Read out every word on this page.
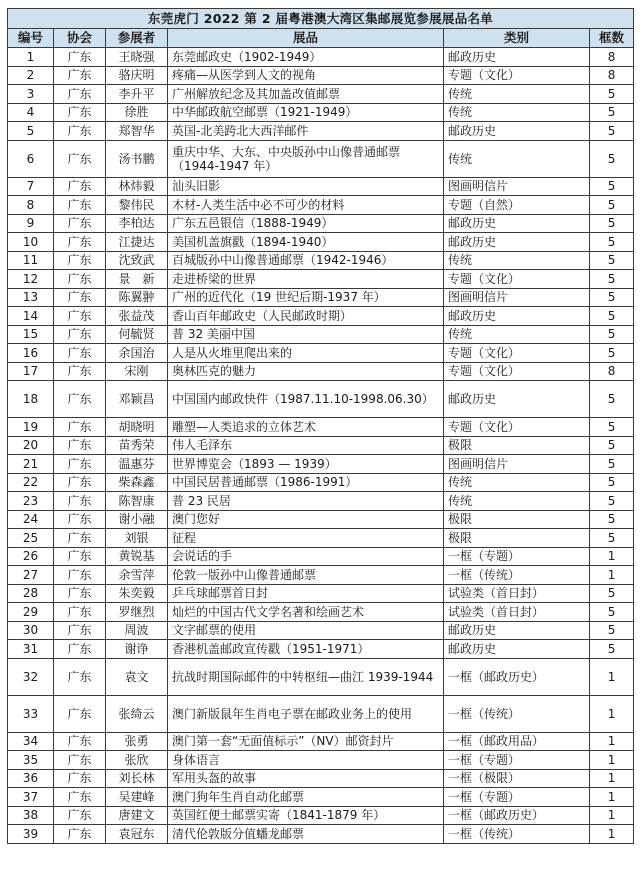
东莞虎门 2022 第 2 届粤港澳大湾区集邮展览参展展品名单					
编号	协会	参展者	展品	类别	框数
1	广东	王晓强	东莞邮政史（1902-1949）	邮政历史	8
2	广东	骆庆明	疼痛—从医学到人文的视角	专题（文化）	8
3	广东	李升平	广州解放纪念及其加盖改值邮票	传统	5
4	广东	徐胜	中华邮政航空邮票（1921-1949）	传统	5
5	广东	郑智华	英国-北美跨北大西洋邮件	邮政历史	5
6	广东	汤书鹏	重庆中华、大东、中央版孙中山像普通邮票（1944-1947 年）	传统	5
7	广东	林炜毅	汕头旧影	图画明信片	5
8	广东	黎伟民	木材-人类生活中必不可少的材料	专题（自然）	5
9	广东	李柏达	广东五邑银信（1888-1949）	邮政历史	5
10	广东	江捷达	美国机盖旗戳（1894-1940）	邮政历史	5
11	广东	沈致武	百城版孙中山像普通邮票（1942-1946）	传统	5
12	广东	景　新	走进桥梁的世界	专题（文化）	5
13	广东	陈翼翀	广州的近代化（19 世纪后期-1937 年）	图画明信片	5
14	广东	张益茂	香山百年邮政史（人民邮政时期）	邮政历史	5
15	广东	何毓贤	普 32 美丽中国	传统	5
16	广东	余国治	人是从火堆里爬出来的	专题（文化）	5
17	广东	宋刚	奥林匹克的魅力	专题（文化）	8
18	广东	邓颖昌	中国国内邮政快件（1987.11.10-1998.06.30）	邮政历史	5
19	广东	胡晓明	雕塑—人类追求的立体艺术	专题（文化）	5
20	广东	苗秀荣	伟人毛泽东	极限	5
21	广东	温惠芬	世界博览会（1893 — 1939）	图画明信片	5
22	广东	柴森鑫	中国民居普通邮票（1986-1991）	传统	5
23	广东	陈智康	普 23 民居	传统	5
24	广东	谢小融	澳门您好	极限	5
25	广东	刘银	征程	极限	5
26	广东	黄锐基	会说话的手	一框（专题）	1
27	广东	余雪萍	伦敦一版孙中山像普通邮票	一框（传统）	1
28	广东	朱奕毅	乒乓球邮票首日封	试验类（首日封）	5
29	广东	罗继烈	灿烂的中国古代文学名著和绘画艺术	试验类（首日封）	5
30	广东	周波	文字邮票的使用	邮政历史	5
31	广东	谢诤	香港机盖邮政宣传戳（1951-1971）	邮政历史	5
32	广东	袁文	抗战时期国际邮件的中转枢纽—曲江 1939-1944	一框（邮政历史）	1
33	广东	张绮云	澳门新版鼠年生肖电子票在邮政业务上的使用	一框（传统）	1
34	广东	张勇	澳门第一套“无面值标示”（NV）邮资封片	一框（邮政用品）	1
35	广东	张欣	身体语言	一框（专题）	1
36	广东	刘长林	军用头盔的故事	一框（极限）	1
37	广东	吴建峰	澳门狗年生肖自动化邮票	一框（专题）	1
38	广东	唐建文	英国红便士邮票实寄（1841-1879 年）	一框（邮政历史）	1
39	广东	袁冠东	清代伦敦版分值蟠龙邮票	一框（传统）	1
